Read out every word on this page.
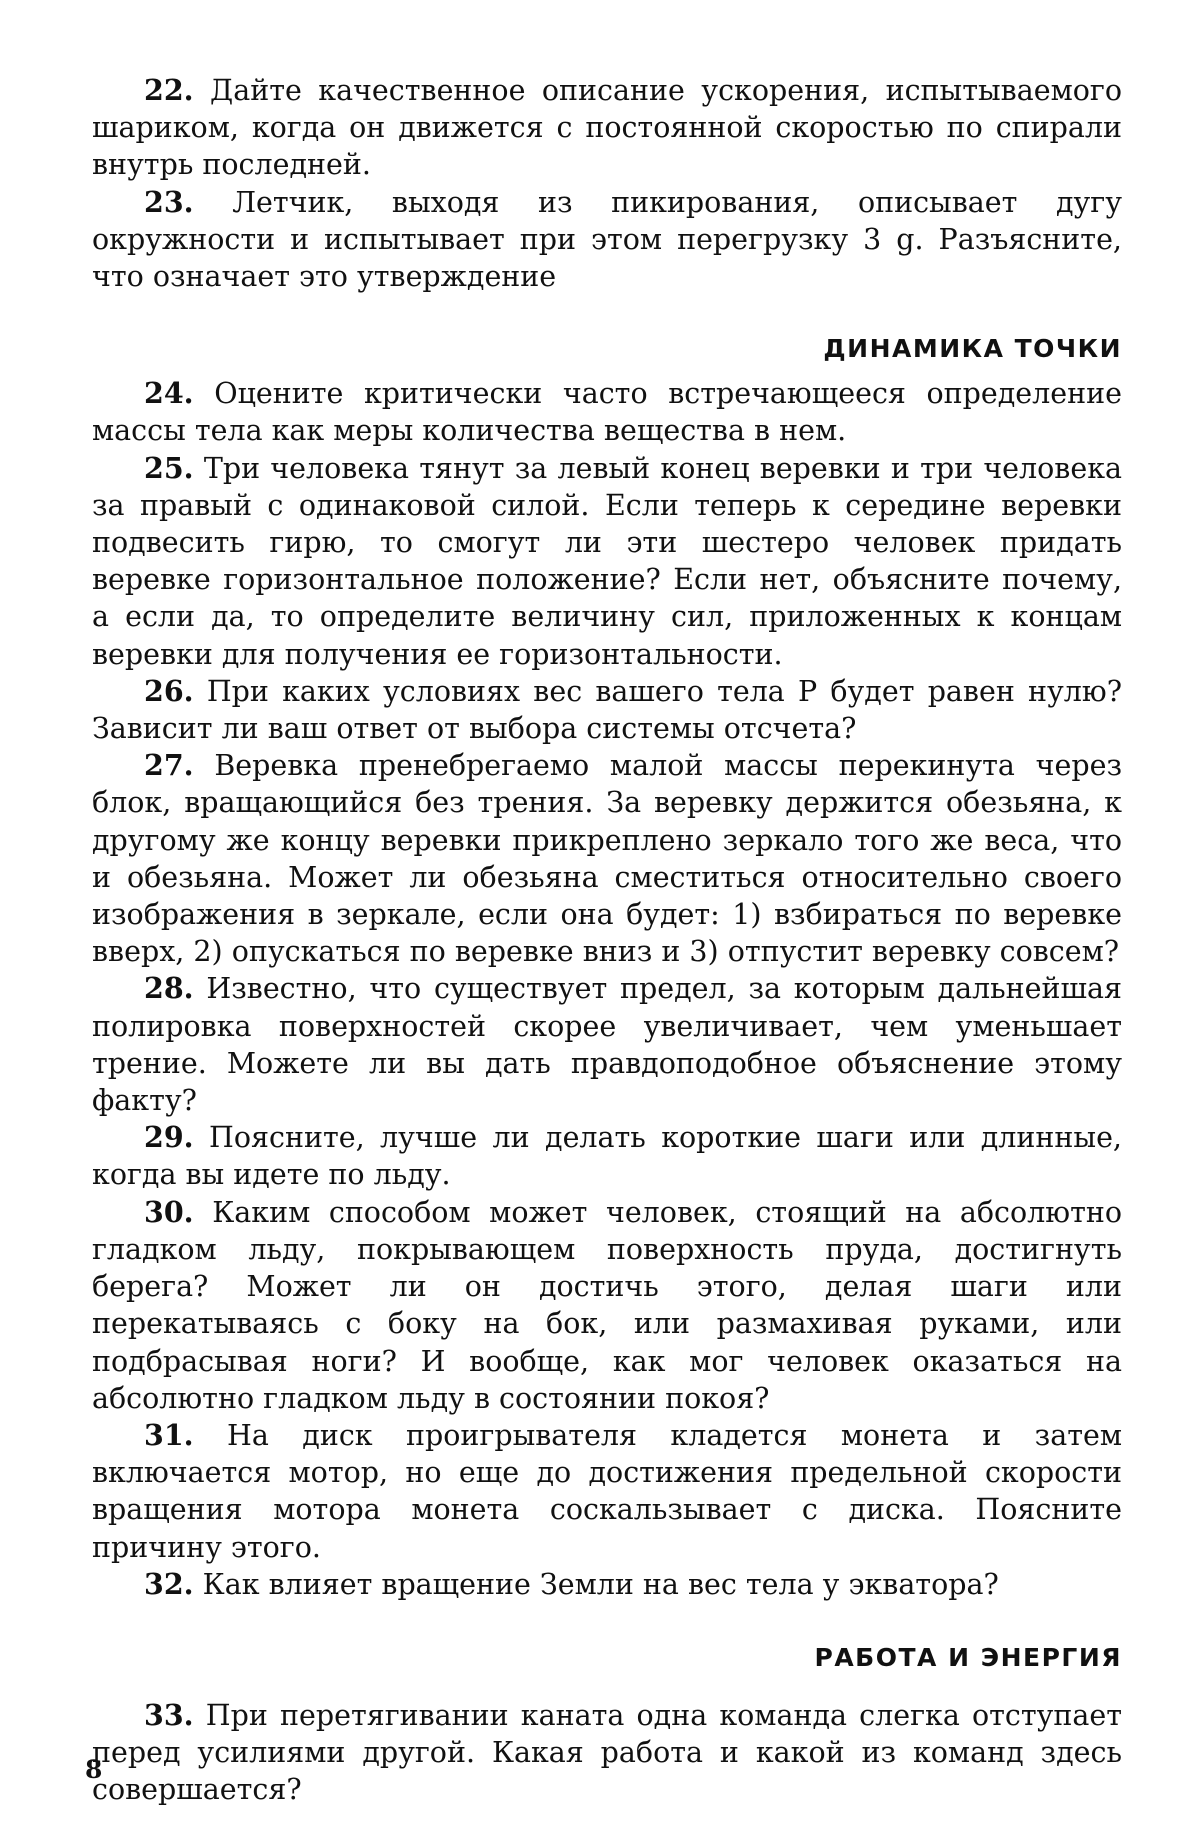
22. Дайте качественное описание ускорения, испытываемого шариком, когда он движется с постоянной скоростью по спирали внутрь последней.

23. Летчик, выходя из пикирования, описывает дугу окружности и испытывает при этом перегрузку 3 g. Разъясните, что означает это утверждение

ДИНАМИКА ТОЧКИ

24. Оцените критически часто встречающееся определение массы тела как меры количества вещества в нем.

25. Три человека тянут за левый конец веревки и три человека за правый с одинаковой силой. Если теперь к середине веревки подвесить гирю, то смогут ли эти шестеро человек придать веревке горизонтальное положение? Если нет, объясните почему, а если да, то определите величину сил, приложенных к концам веревки для получения ее горизонтальности.

26. При каких условиях вес вашего тела P будет равен нулю? Зависит ли ваш ответ от выбора системы отсчета?

27. Веревка пренебрегаемо малой массы перекинута через блок, вращающийся без трения. За веревку держится обезьяна, к другому же концу веревки прикреплено зеркало того же веса, что и обезьяна. Может ли обезьяна сместиться относительно своего изображения в зеркале, если она будет: 1) взбираться по веревке вверх, 2) опускаться по веревке вниз и 3) отпустит веревку совсем?

28. Известно, что существует предел, за которым дальнейшая полировка поверхностей скорее увеличивает, чем уменьшает трение. Можете ли вы дать правдоподобное объяснение этому факту?

29. Поясните, лучше ли делать короткие шаги или длинные, когда вы идете по льду.

30. Каким способом может человек, стоящий на абсолютно гладком льду, покрывающем поверхность пруда, достигнуть берега? Может ли он достичь этого, делая шаги или перекатываясь с боку на бок, или размахивая руками, или подбрасывая ноги? И вообще, как мог человек оказаться на абсолютно гладком льду в состоянии покоя?

31. На диск проигрывателя кладется монета и затем включается мотор, но еще до достижения предельной скорости вращения мотора монета соскальзывает с диска. Поясните причину этого.

32. Как влияет вращение Земли на вес тела у экватора?

РАБОТА И ЭНЕРГИЯ

33. При перетягивании каната одна команда слегка отступает перед усилиями другой. Какая работа и какой из команд здесь совершается?

8
